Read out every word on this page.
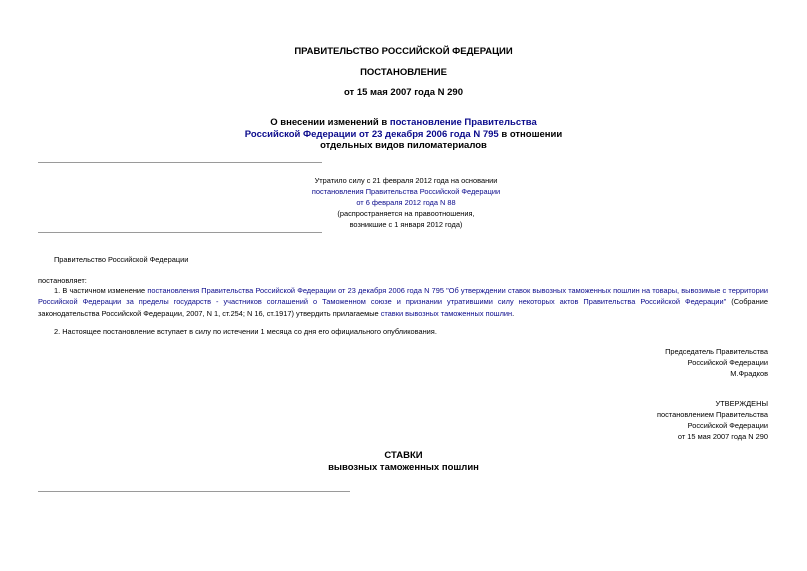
ПРАВИТЕЛЬСТВО РОССИЙСКОЙ ФЕДЕРАЦИИ
ПОСТАНОВЛЕНИЕ
от 15 мая 2007 года N 290
О внесении изменений в постановление Правительства
Российской Федерации от 23 декабря 2006 года N 795 в отношении
отдельных видов пиломатериалов
Утратило силу с 21 февраля 2012 года на основании
постановления Правительства Российской Федерации
от 6 февраля 2012 года N 88
(распространяется на правоотношения,
возникшие с 1 января 2012 года)
Правительство Российской Федерации
постановляет:

1. В частичном изменение постановления Правительства Российской Федерации от 23 декабря 2006 года N 795 "Об утверждении ставок вывозных таможенных пошлин на товары, вывозимые с территории Российской Федерации за пределы государств - участников соглашений о Таможенном союзе и признании утратившими силу некоторых актов Правительства Российской Федерации" (Собрание законодательства Российской Федерации, 2007, N 1, ст.254; N 16, ст.1917) утвердить прилагаемые ставки вывозных таможенных пошлин.

2. Настоящее постановление вступает в силу по истечении 1 месяца со дня его официального опубликования.
Председатель Правительства
Российской Федерации
М.Фрадков
УТВЕРЖДЕНЫ
постановлением Правительства
Российской Федерации
от 15 мая 2007 года N 290
СТАВКИ
вывозных таможенных пошлин
